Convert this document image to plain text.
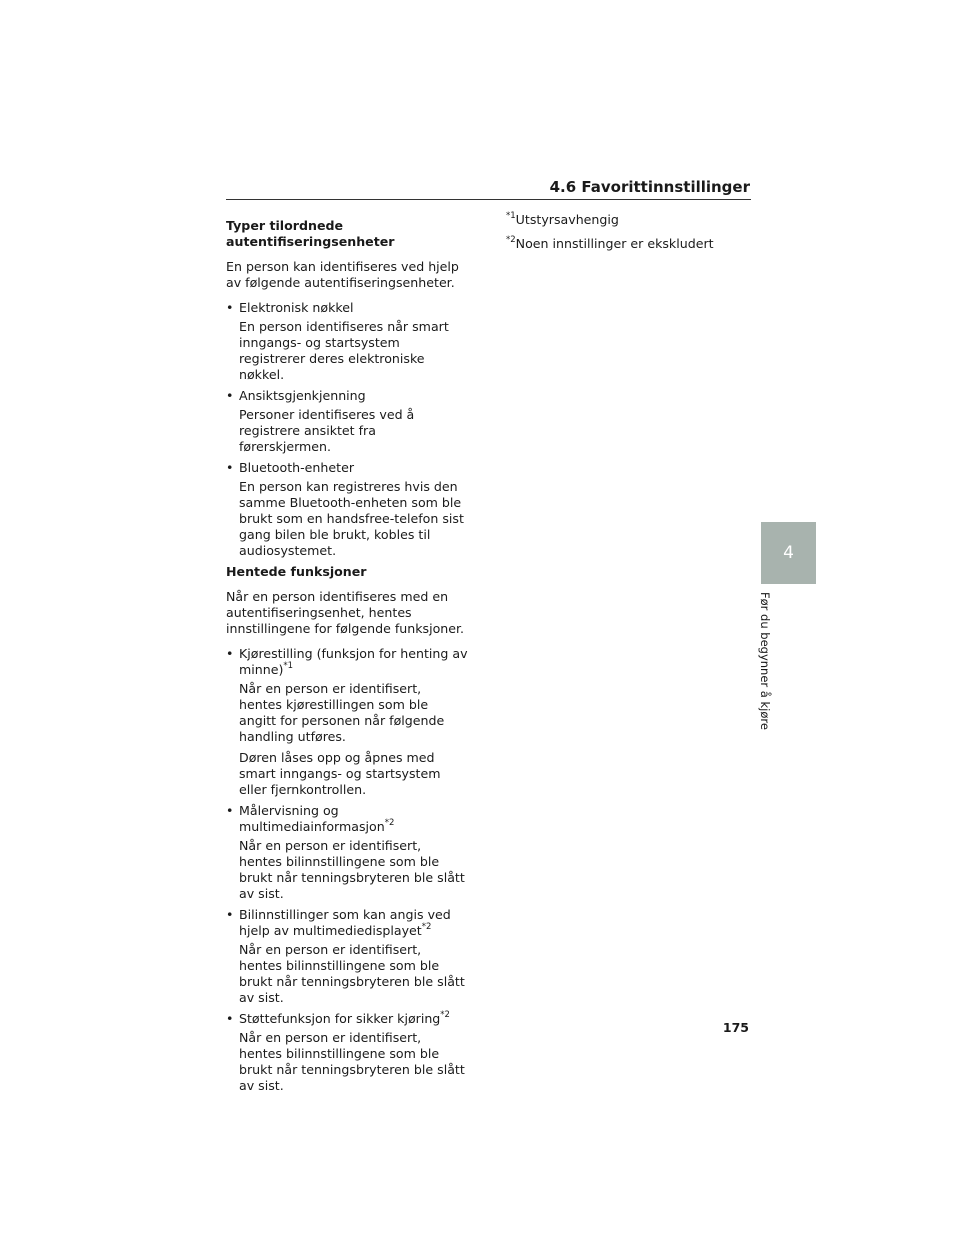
4.6 Favorittinnstillinger
4
Før du begynner å kjøre
Typer tilordnede
autentifiseringsenheter

En person kan identifiseres ved hjelp av følgende autentifiseringsenheter.

• Elektronisk nøkkel

En person identifiseres når smart inngangs- og startsystem registrerer deres elektroniske nøkkel.

• Ansiktsgjenkjenning

Personer identifiseres ved å registrere ansiktet fra førerskjermen.

• Bluetooth-enheter

En person kan registreres hvis den samme Bluetooth-enheten som ble brukt som en handsfree-telefon sist gang bilen ble brukt, kobles til audiosystemet.

Hentede funksjoner

Når en person identifiseres med en autentifiseringsenhet, hentes innstillingene for følgende funksjoner.

• Kjørestilling (funksjon for henting av minne)$^{*1}$

Når en person er identifisert, hentes kjørestillingen som ble angitt for personen når følgende handling utføres.

Døren låses opp og åpnes med smart inngangs- og startsystem eller fjernkontrollen.

• Målervisning og multimediainformasjon$^{*2}$

Når en person er identifisert, hentes bilinnstillingene som ble brukt når tenningsbryteren ble slått av sist.

• Bilinnstillinger som kan angis ved hjelp av multimediedisplayet$^{*2}$

Når en person er identifisert, hentes bilinnstillingene som ble brukt når tenningsbryteren ble slått av sist.

• Støttefunksjon for sikker kjøring$^{*2}$

Når en person er identifisert, hentes bilinnstillingene som ble brukt når tenningsbryteren ble slått av sist.

$^{*1}$Utstyrsavhengig

$^{*2}$Noen innstillinger er ekskludert

175
